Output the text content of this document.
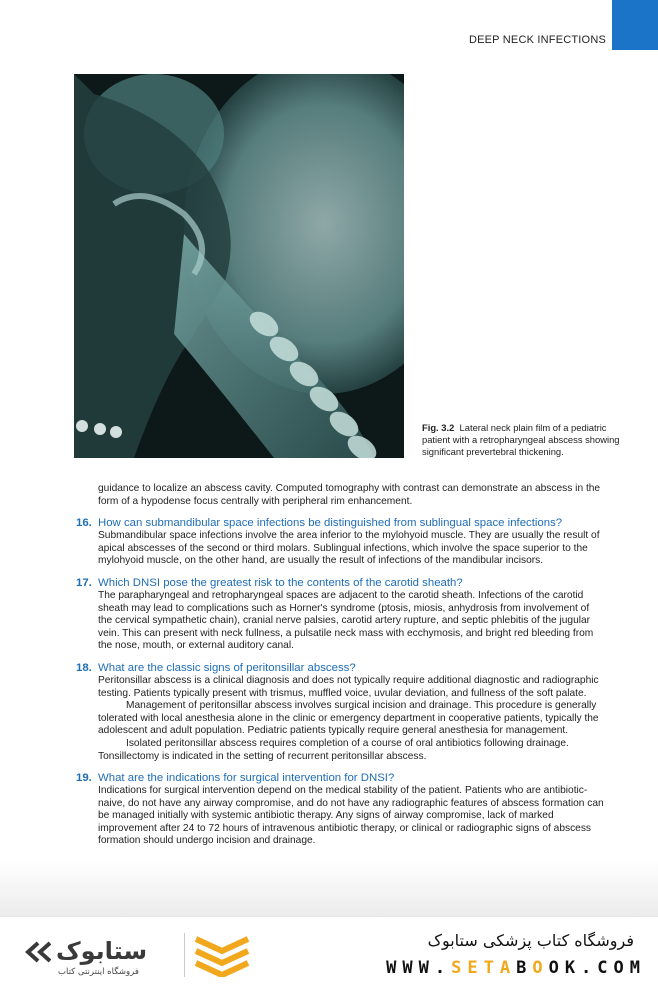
DEEP NECK INFECTIONS
Fig. 3.2 Lateral neck plain film of a pediatric patient with a retropharyngeal abscess showing significant prevertebral thickening.

guidance to localize an abscess cavity. Computed tomography with contrast can demonstrate an abscess in the form of a hypodense focus centrally with peripheral rim enhancement.

16. How can submandibular space infections be distinguished from sublingual space infections?

Submandibular space infections involve the area inferior to the mylohyoid muscle. They are usually the result of apical abscesses of the second or third molars. Sublingual infections, which involve the space superior to the mylohyoid muscle, on the other hand, are usually the result of infections of the mandibular incisors.

17. Which DNSI pose the greatest risk to the contents of the carotid sheath?

The parapharyngeal and retropharyngeal spaces are adjacent to the carotid sheath. Infections of the carotid sheath may lead to complications such as Horner's syndrome (ptosis, miosis, anhydrosis from involvement of the cervical sympathetic chain), cranial nerve palsies, carotid artery rupture, and septic phlebitis of the jugular vein. This can present with neck fullness, a pulsatile neck mass with ecchymosis, and bright red bleeding from the nose, mouth, or external auditory canal.

18. What are the classic signs of peritonsillar abscess?

Peritonsillar abscess is a clinical diagnosis and does not typically require additional diagnostic and radiographic testing. Patients typically present with trismus, muffled voice, uvular deviation, and fullness of the soft palate.

Management of peritonsillar abscess involves surgical incision and drainage. This procedure is generally tolerated with local anesthesia alone in the clinic or emergency department in cooperative patients, typically the adolescent and adult population. Pediatric patients typically require general anesthesia for management.

Isolated peritonsillar abscess requires completion of a course of oral antibiotics following drainage. Tonsillectomy is indicated in the setting of recurrent peritonsillar abscess.

19. What are the indications for surgical intervention for DNSI?

Indications for surgical intervention depend on the medical stability of the patient. Patients who are antibiotic-naive, do not have any airway compromise, and do not have any radiographic features of abscess formation can be managed initially with systemic antibiotic therapy. Any signs of airway compromise, lack of marked improvement after 24 to 72 hours of intravenous antibiotic therapy, or clinical or radiographic signs of abscess formation should undergo incision and drainage.

ستابوک
فروشگاه اینترنتی کتاب
فروشگاه کتاب پزشکی ستابوک
WWW.SETABOOK.COM
